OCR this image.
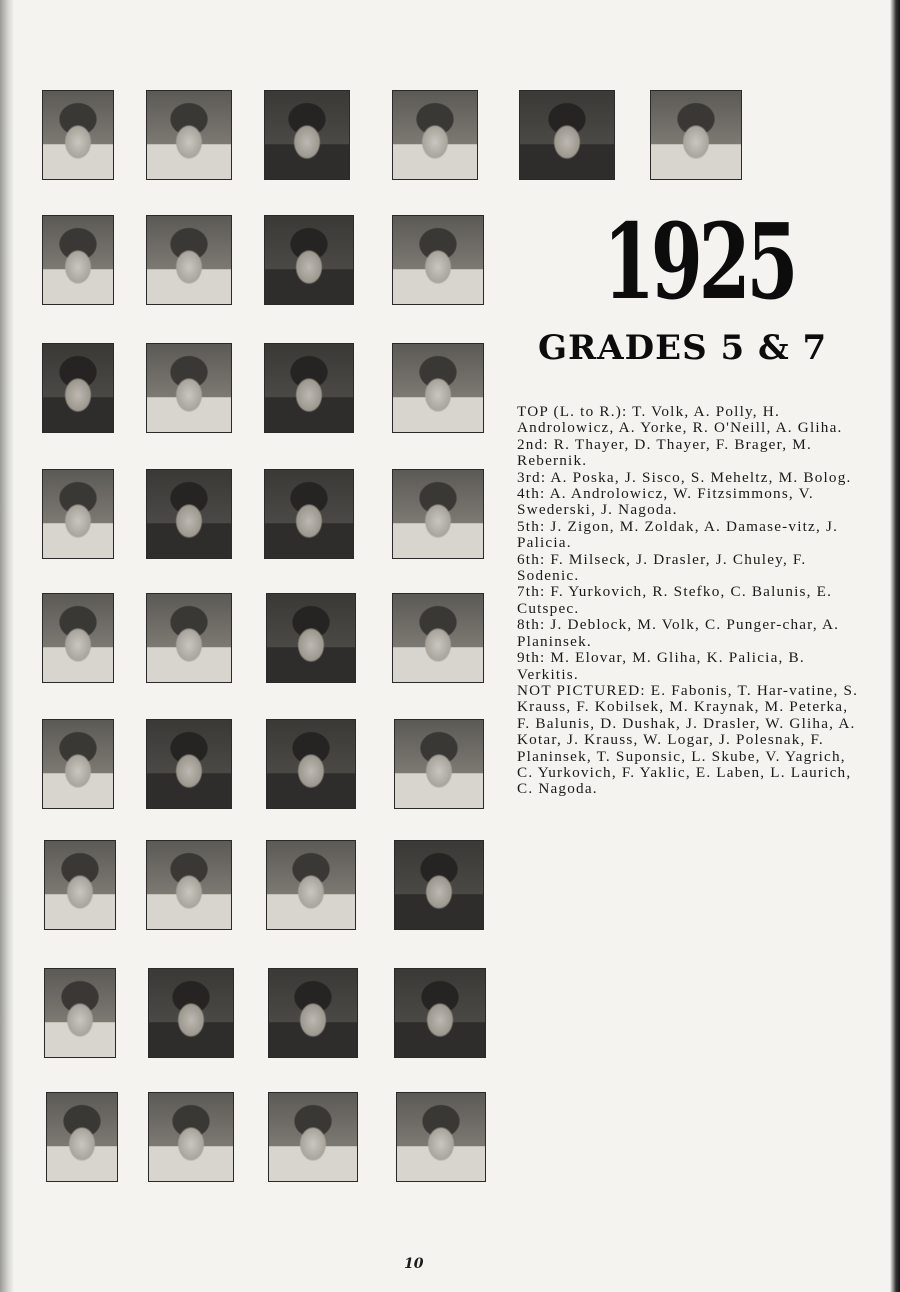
1925
GRADES 5 & 7

TOP (L. to R.): T. Volk, A. Polly, H. Androlowicz, A. Yorke, R. O'Neill, A. Gliha.

2nd: R. Thayer, D. Thayer, F. Brager, M. Rebernik.

3rd: A. Poska, J. Sisco, S. Meheltz, M. Bolog.

4th: A. Androlowicz, W. Fitzsimmons, V. Swederski, J. Nagoda.

5th: J. Zigon, M. Zoldak, A. Damase-vitz, J. Palicia.

6th: F. Milseck, J. Drasler, J. Chuley, F. Sodenic.

7th: F. Yurkovich, R. Stefko, C. Balunis, E. Cutspec.

8th: J. Deblock, M. Volk, C. Punger-char, A. Planinsek.

9th: M. Elovar, M. Gliha, K. Palicia, B. Verkitis.

NOT PICTURED: E. Fabonis, T. Har-vatine, S. Krauss, F. Kobilsek, M. Kraynak, M. Peterka, F. Balunis, D. Dushak, J. Drasler, W. Gliha, A. Kotar, J. Krauss, W. Logar, J. Polesnak, F. Planinsek, T. Suponsic, L. Skube, V. Yagrich, C. Yurkovich, F. Yaklic, E. Laben, L. Laurich, C. Nagoda.

10
